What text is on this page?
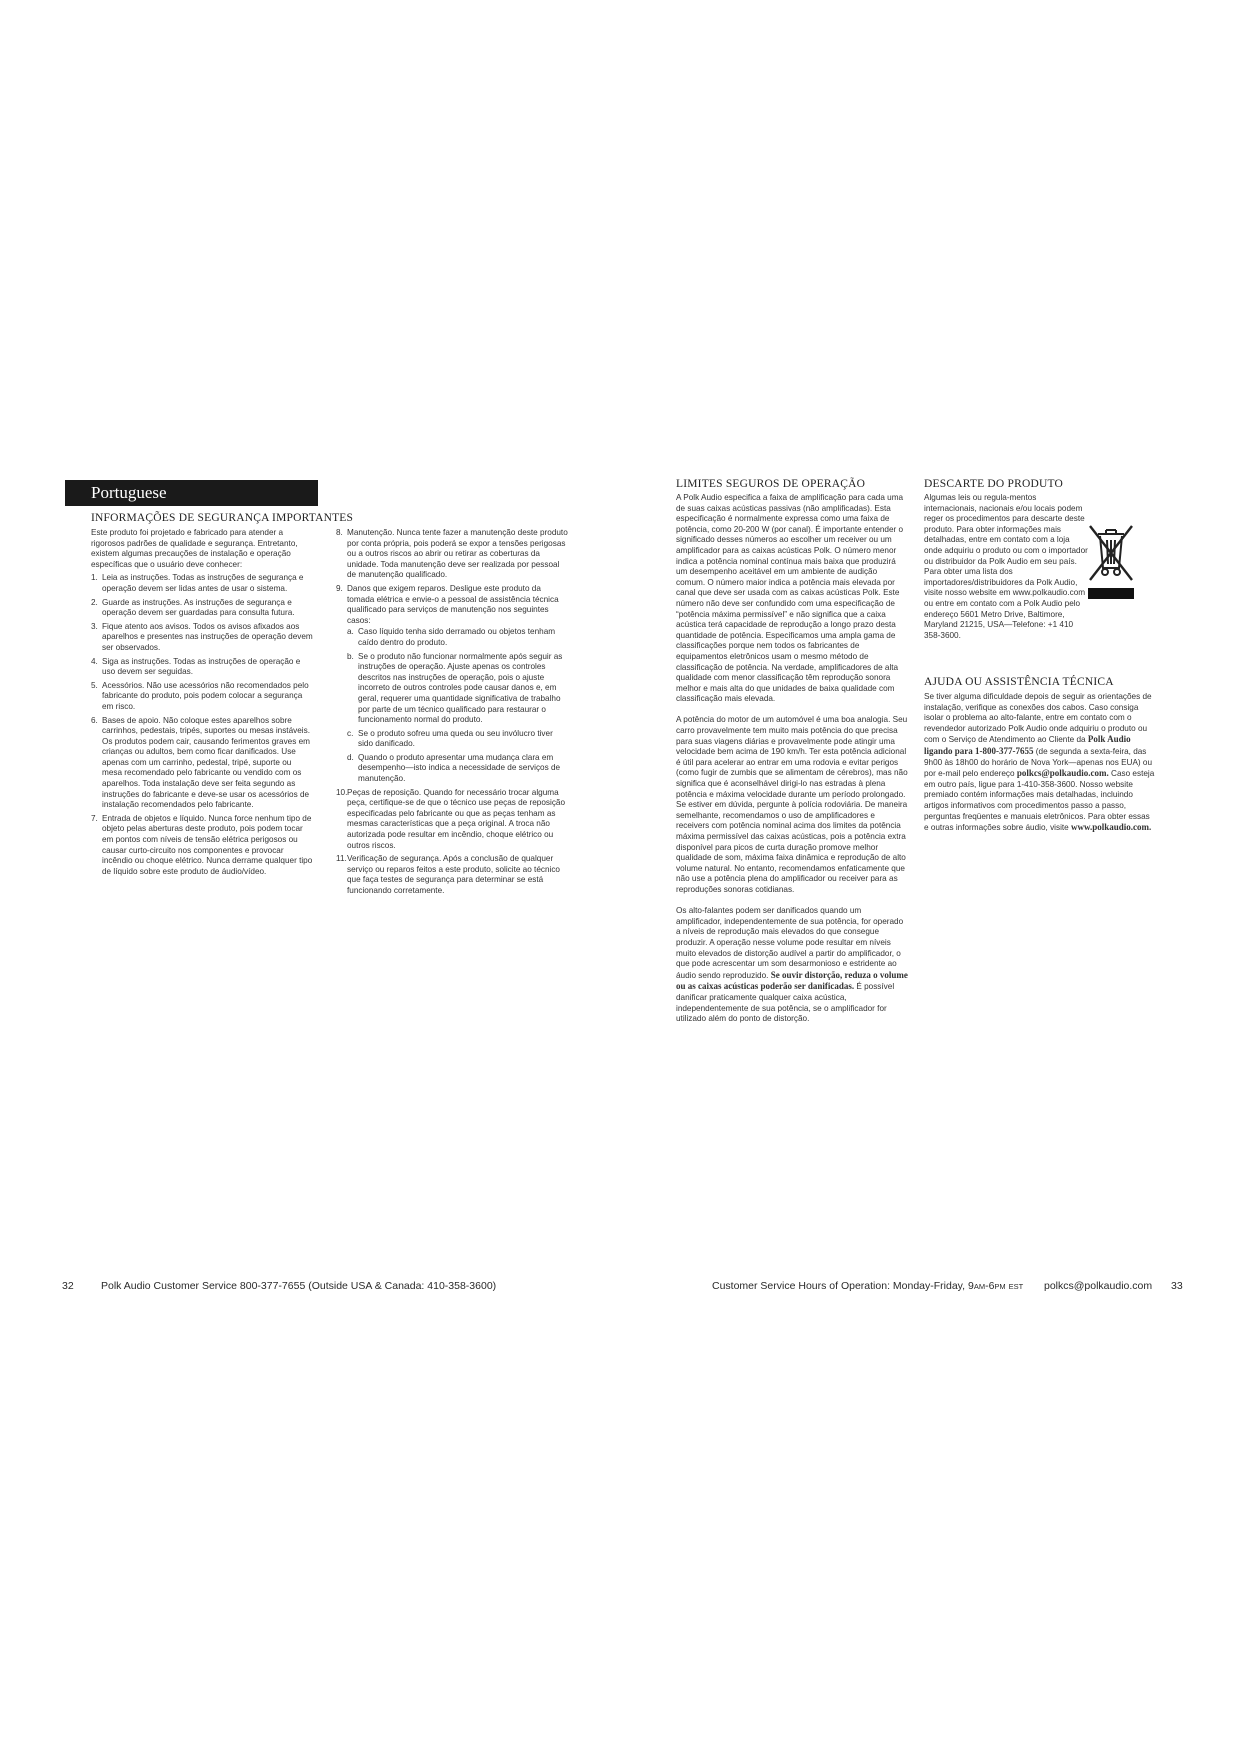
Portuguese
INFORMAÇÕES DE SEGURANÇA IMPORTANTES

Este produto foi projetado e fabricado para atender a rigorosos padrões de qualidade e segurança. Entretanto, existem algumas precauções de instalação e operação específicas que o usuário deve conhecer:

1. Leia as instruções. Todas as instruções de segurança e operação devem ser lidas antes de usar o sistema.
2. Guarde as instruções. As instruções de segurança e operação devem ser guardadas para consulta futura.
3. Fique atento aos avisos. Todos os avisos afixados aos aparelhos e presentes nas instruções de operação devem ser observados.
4. Siga as instruções. Todas as instruções de operação e uso devem ser seguidas.
5. Acessórios. Não use acessórios não recomendados pelo fabricante do produto, pois podem colocar a segurança em risco.
6. Bases de apoio. Não coloque estes aparelhos sobre carrinhos, pedestais, tripés, suportes ou mesas instáveis. Os produtos podem cair, causando ferimentos graves em crianças ou adultos, bem como ficar danificados. Use apenas com um carrinho, pedestal, tripé, suporte ou mesa recomendado pelo fabricante ou vendido com os aparelhos. Toda instalação deve ser feita segundo as instruções do fabricante e deve-se usar os acessórios de instalação recomendados pelo fabricante.
7. Entrada de objetos e líquido. Nunca force nenhum tipo de objeto pelas aberturas deste produto, pois podem tocar em pontos com níveis de tensão elétrica perigosos ou causar curto-circuito nos componentes e provocar incêndio ou choque elétrico. Nunca derrame qualquer tipo de líquido sobre este produto de áudio/vídeo.
8. Manutenção. Nunca tente fazer a manutenção deste produto por conta própria, pois poderá se expor a tensões perigosas ou a outros riscos ao abrir ou retirar as coberturas da unidade. Toda manutenção deve ser realizada por pessoal de manutenção qualificado.
9. Danos que exigem reparos. Desligue este produto da tomada elétrica e envie-o a pessoal de assistência técnica qualificado para serviços de manutenção nos seguintes casos:
a. Caso líquido tenha sido derramado ou objetos tenham caído dentro do produto.
b. Se o produto não funcionar normalmente após seguir as instruções de operação. Ajuste apenas os controles descritos nas instruções de operação, pois o ajuste incorreto de outros controles pode causar danos e, em geral, requerer uma quantidade significativa de trabalho por parte de um técnico qualificado para restaurar o funcionamento normal do produto.
c. Se o produto sofreu uma queda ou seu invólucro tiver sido danificado.
d. Quando o produto apresentar uma mudança clara em desempenho—isto indica a necessidade de serviços de manutenção.
10. Peças de reposição. Quando for necessário trocar alguma peça, certifique-se de que o técnico use peças de reposição especificadas pelo fabricante ou que as peças tenham as mesmas características que a peça original. A troca não autorizada pode resultar em incêndio, choque elétrico ou outros riscos.
11. Verificação de segurança. Após a conclusão de qualquer serviço ou reparos feitos a este produto, solicite ao técnico que faça testes de segurança para determinar se está funcionando corretamente.
LIMITES SEGUROS DE OPERAÇÃO

A Polk Audio especifica a faixa de amplificação para cada uma de suas caixas acústicas passivas (não amplificadas). Esta especificação é normalmente expressa como uma faixa de potência, como 20-200 W (por canal). É importante entender o significado desses números ao escolher um receiver ou um amplificador para as caixas acústicas Polk. O número menor indica a potência nominal contínua mais baixa que produzirá um desempenho aceitável em um ambiente de audição comum. O número maior indica a potência mais elevada por canal que deve ser usada com as caixas acústicas Polk. Este número não deve ser confundido com uma especificação de “potência máxima permissível” e não significa que a caixa acústica terá capacidade de reprodução a longo prazo desta quantidade de potência. Especificamos uma ampla gama de classificações porque nem todos os fabricantes de equipamentos eletrônicos usam o mesmo método de classificação de potência. Na verdade, amplificadores de alta qualidade com menor classificação têm reprodução sonora melhor e mais alta do que unidades de baixa qualidade com classificação mais elevada.

A potência do motor de um automóvel é uma boa analogia. Seu carro provavelmente tem muito mais potência do que precisa para suas viagens diárias e provavelmente pode atingir uma velocidade bem acima de 190 km/h. Ter esta potência adicional é útil para acelerar ao entrar em uma rodovia e evitar perigos (como fugir de zumbis que se alimentam de cérebros), mas não significa que é aconselhável dirigi-lo nas estradas à plena potência e máxima velocidade durante um período prolongado. Se estiver em dúvida, pergunte à polícia rodoviária. De maneira semelhante, recomendamos o uso de amplificadores e receivers com potência nominal acima dos limites da potência máxima permissível das caixas acústicas, pois a potência extra disponível para picos de curta duração promove melhor qualidade de som, máxima faixa dinâmica e reprodução de alto volume natural. No entanto, recomendamos enfaticamente que não use a potência plena do amplificador ou receiver para as reproduções sonoras cotidianas.

Os alto-falantes podem ser danificados quando um amplificador, independentemente de sua potência, for operado a níveis de reprodução mais elevados do que consegue produzir. A operação nesse volume pode resultar em níveis muito elevados de distorção audível a partir do amplificador, o que pode acrescentar um som desarmonioso e estridente ao áudio sendo reproduzido. Se ouvir distorção, reduza o volume ou as caixas acústicas poderão ser danificadas. É possível danificar praticamente qualquer caixa acústica, independentemente de sua potência, se o amplificador for utilizado além do ponto de distorção.

DESCARTE DO PRODUTO
Algumas leis ou regula-mentos internacionais, nacionais e/ou locais podem reger os procedimentos para descarte deste produto. Para obter informações mais detalhadas, entre em contato com a loja onde adquiriu o produto ou com o importador ou distribuidor da Polk Audio em seu país. Para obter uma lista dos importadores/distribuidores da Polk Audio, visite nosso website em www.polkaudio.com ou entre em contato com a Polk Audio pelo endereço 5601 Metro Drive, Baltimore, Maryland 21215, USA—Telefone: +1 410 358-3600.
AJUDA OU ASSISTÊNCIA TÉCNICA
Se tiver alguma dificuldade depois de seguir as orientações de instalação, verifique as conexões dos cabos. Caso consiga isolar o problema ao alto-falante, entre em contato com o revendedor autorizado Polk Audio onde adquiriu o produto ou com o Serviço de Atendimento ao Cliente da Polk Audio ligando para 1-800-377-7655 (de segunda a sexta-feira, das 9h00 às 18h00 do horário de Nova York—apenas nos EUA) ou por e-mail pelo endereço polkcs@polkaudio.com. Caso esteja em outro país, ligue para 1-410-358-3600. Nosso website premiado contém informações mais detalhadas, incluindo artigos informativos com procedimentos passo a passo, perguntas freqüentes e manuais eletrônicos. Para obter essas e outras informações sobre áudio, visite www.polkaudio.com.
32	Polk Audio Customer Service 800-377-7655 (Outside USA & Canada: 410-358-3600)	Customer Service Hours of Operation: Monday-Friday, 9AM-6PM EST polkcs@polkaudio.com 33
